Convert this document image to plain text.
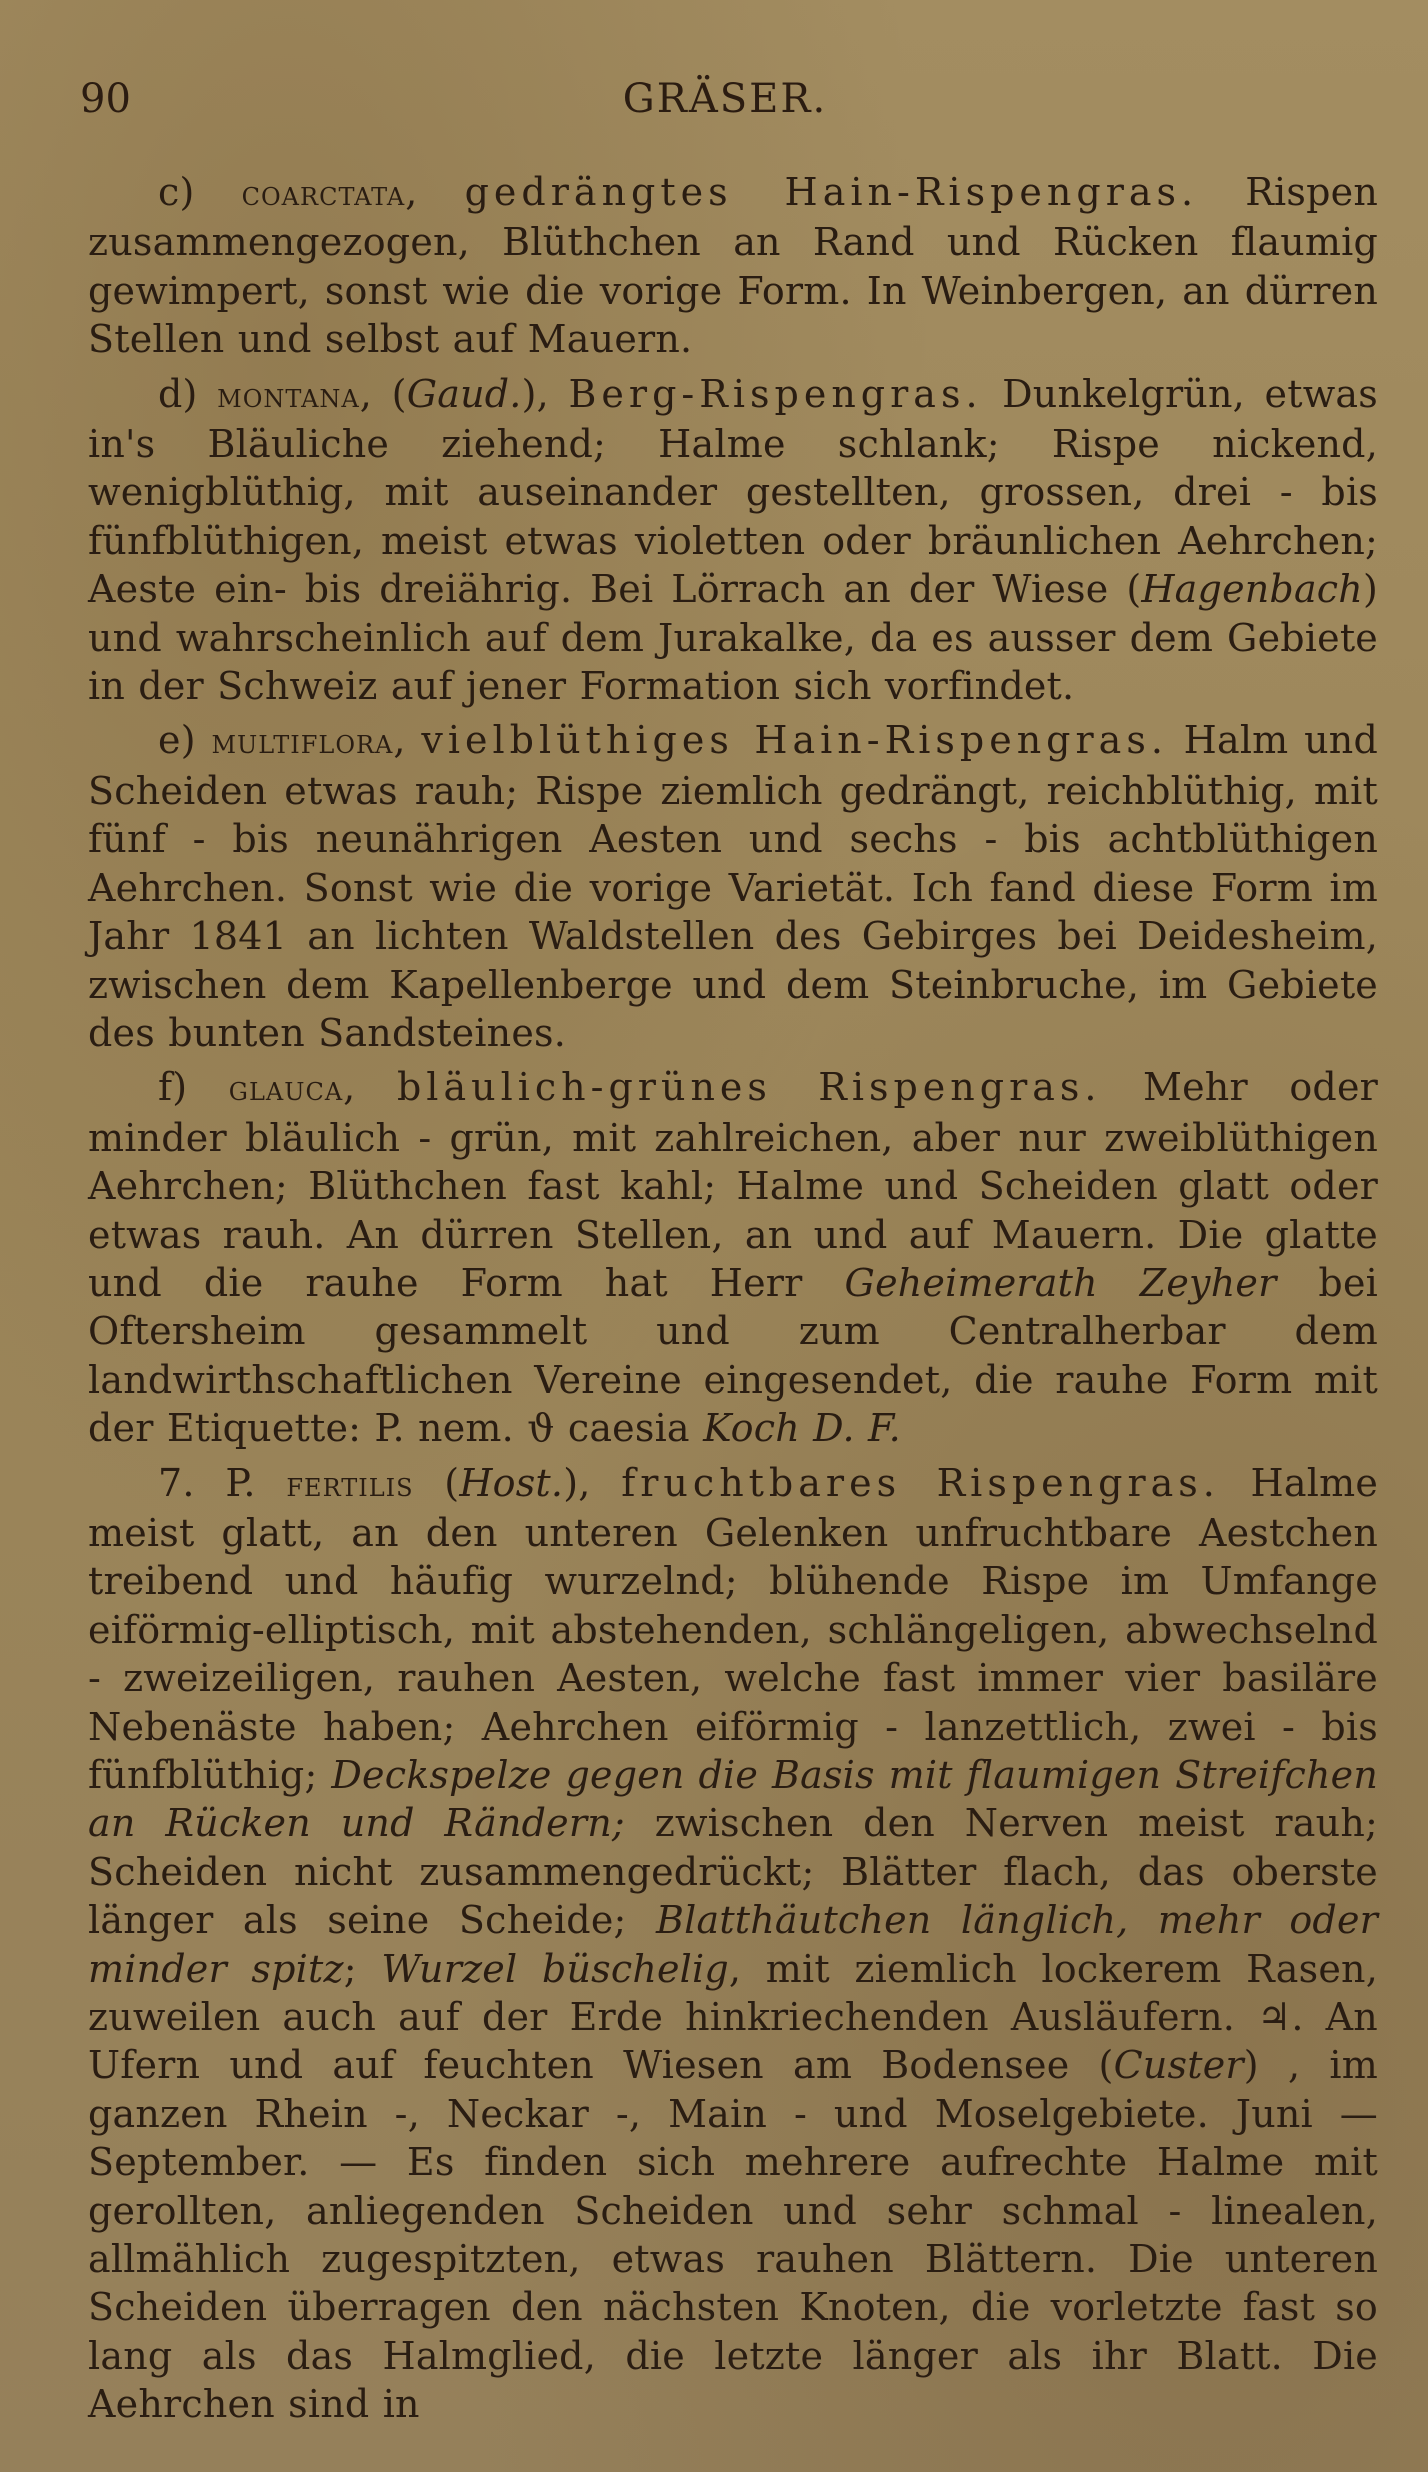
90	GRÄSER.

c) coarctata, gedrängtes Hain-Rispengras. Rispen zusammengezogen, Blüthchen an Rand und Rücken flaumig gewimpert, sonst wie die vorige Form. In Weinbergen, an dürren Stellen und selbst auf Mauern.

d) montana, (Gaud.), Berg-Rispengras. Dunkelgrün, etwas in's Bläuliche ziehend; Halme schlank; Rispe nickend, wenigblüthig, mit auseinander gestellten, grossen, drei - bis fünfblüthigen, meist etwas violetten oder bräunlichen Aehrchen; Aeste ein- bis dreiährig. Bei Lörrach an der Wiese (Hagenbach) und wahrscheinlich auf dem Jurakalke, da es ausser dem Gebiete in der Schweiz auf jener Formation sich vorfindet.

e) multiflora, vielblüthiges Hain-Rispengras. Halm und Scheiden etwas rauh; Rispe ziemlich gedrängt, reichblüthig, mit fünf - bis neunährigen Aesten und sechs - bis achtblüthigen Aehrchen. Sonst wie die vorige Varietät. Ich fand diese Form im Jahr 1841 an lichten Waldstellen des Gebirges bei Deidesheim, zwischen dem Kapellenberge und dem Steinbruche, im Gebiete des bunten Sandsteines.

f) glauca, bläulich-grünes Rispengras. Mehr oder minder bläulich - grün, mit zahlreichen, aber nur zweiblüthigen Aehrchen; Blüthchen fast kahl; Halme und Scheiden glatt oder etwas rauh. An dürren Stellen, an und auf Mauern. Die glatte und die rauhe Form hat Herr Geheimerath Zeyher bei Oftersheim gesammelt und zum Centralherbar dem landwirthschaftlichen Vereine eingesendet, die rauhe Form mit der Etiquette: P. nem. ϑ caesia Koch D. F.

7. P. fertilis (Host.), fruchtbares Rispengras. Halme meist glatt, an den unteren Gelenken unfruchtbare Aestchen treibend und häufig wurzelnd; blühende Rispe im Umfange eiförmig-elliptisch, mit abstehenden, schlängeligen, abwechselnd - zweizeiligen, rauhen Aesten, welche fast immer vier basiläre Nebenäste haben; Aehrchen eiförmig - lanzettlich, zwei - bis fünfblüthig; Deckspelze gegen die Basis mit flaumigen Streifchen an Rücken und Rändern; zwischen den Nerven meist rauh; Scheiden nicht zusammengedrückt; Blätter flach, das oberste länger als seine Scheide; Blatthäutchen länglich, mehr oder minder spitz; Wurzel büschelig, mit ziemlich lockerem Rasen, zuweilen auch auf der Erde hinkriechenden Ausläufern. ♃. An Ufern und auf feuchten Wiesen am Bodensee (Custer) , im ganzen Rhein -, Neckar -, Main - und Moselgebiete. Juni — September. — Es finden sich mehrere aufrechte Halme mit gerollten, anliegenden Scheiden und sehr schmal - linealen, allmählich zugespitzten, etwas rauhen Blättern. Die unteren Scheiden überragen den nächsten Knoten, die vorletzte fast so lang als das Halmglied, die letzte länger als ihr Blatt. Die Aehrchen sind in
